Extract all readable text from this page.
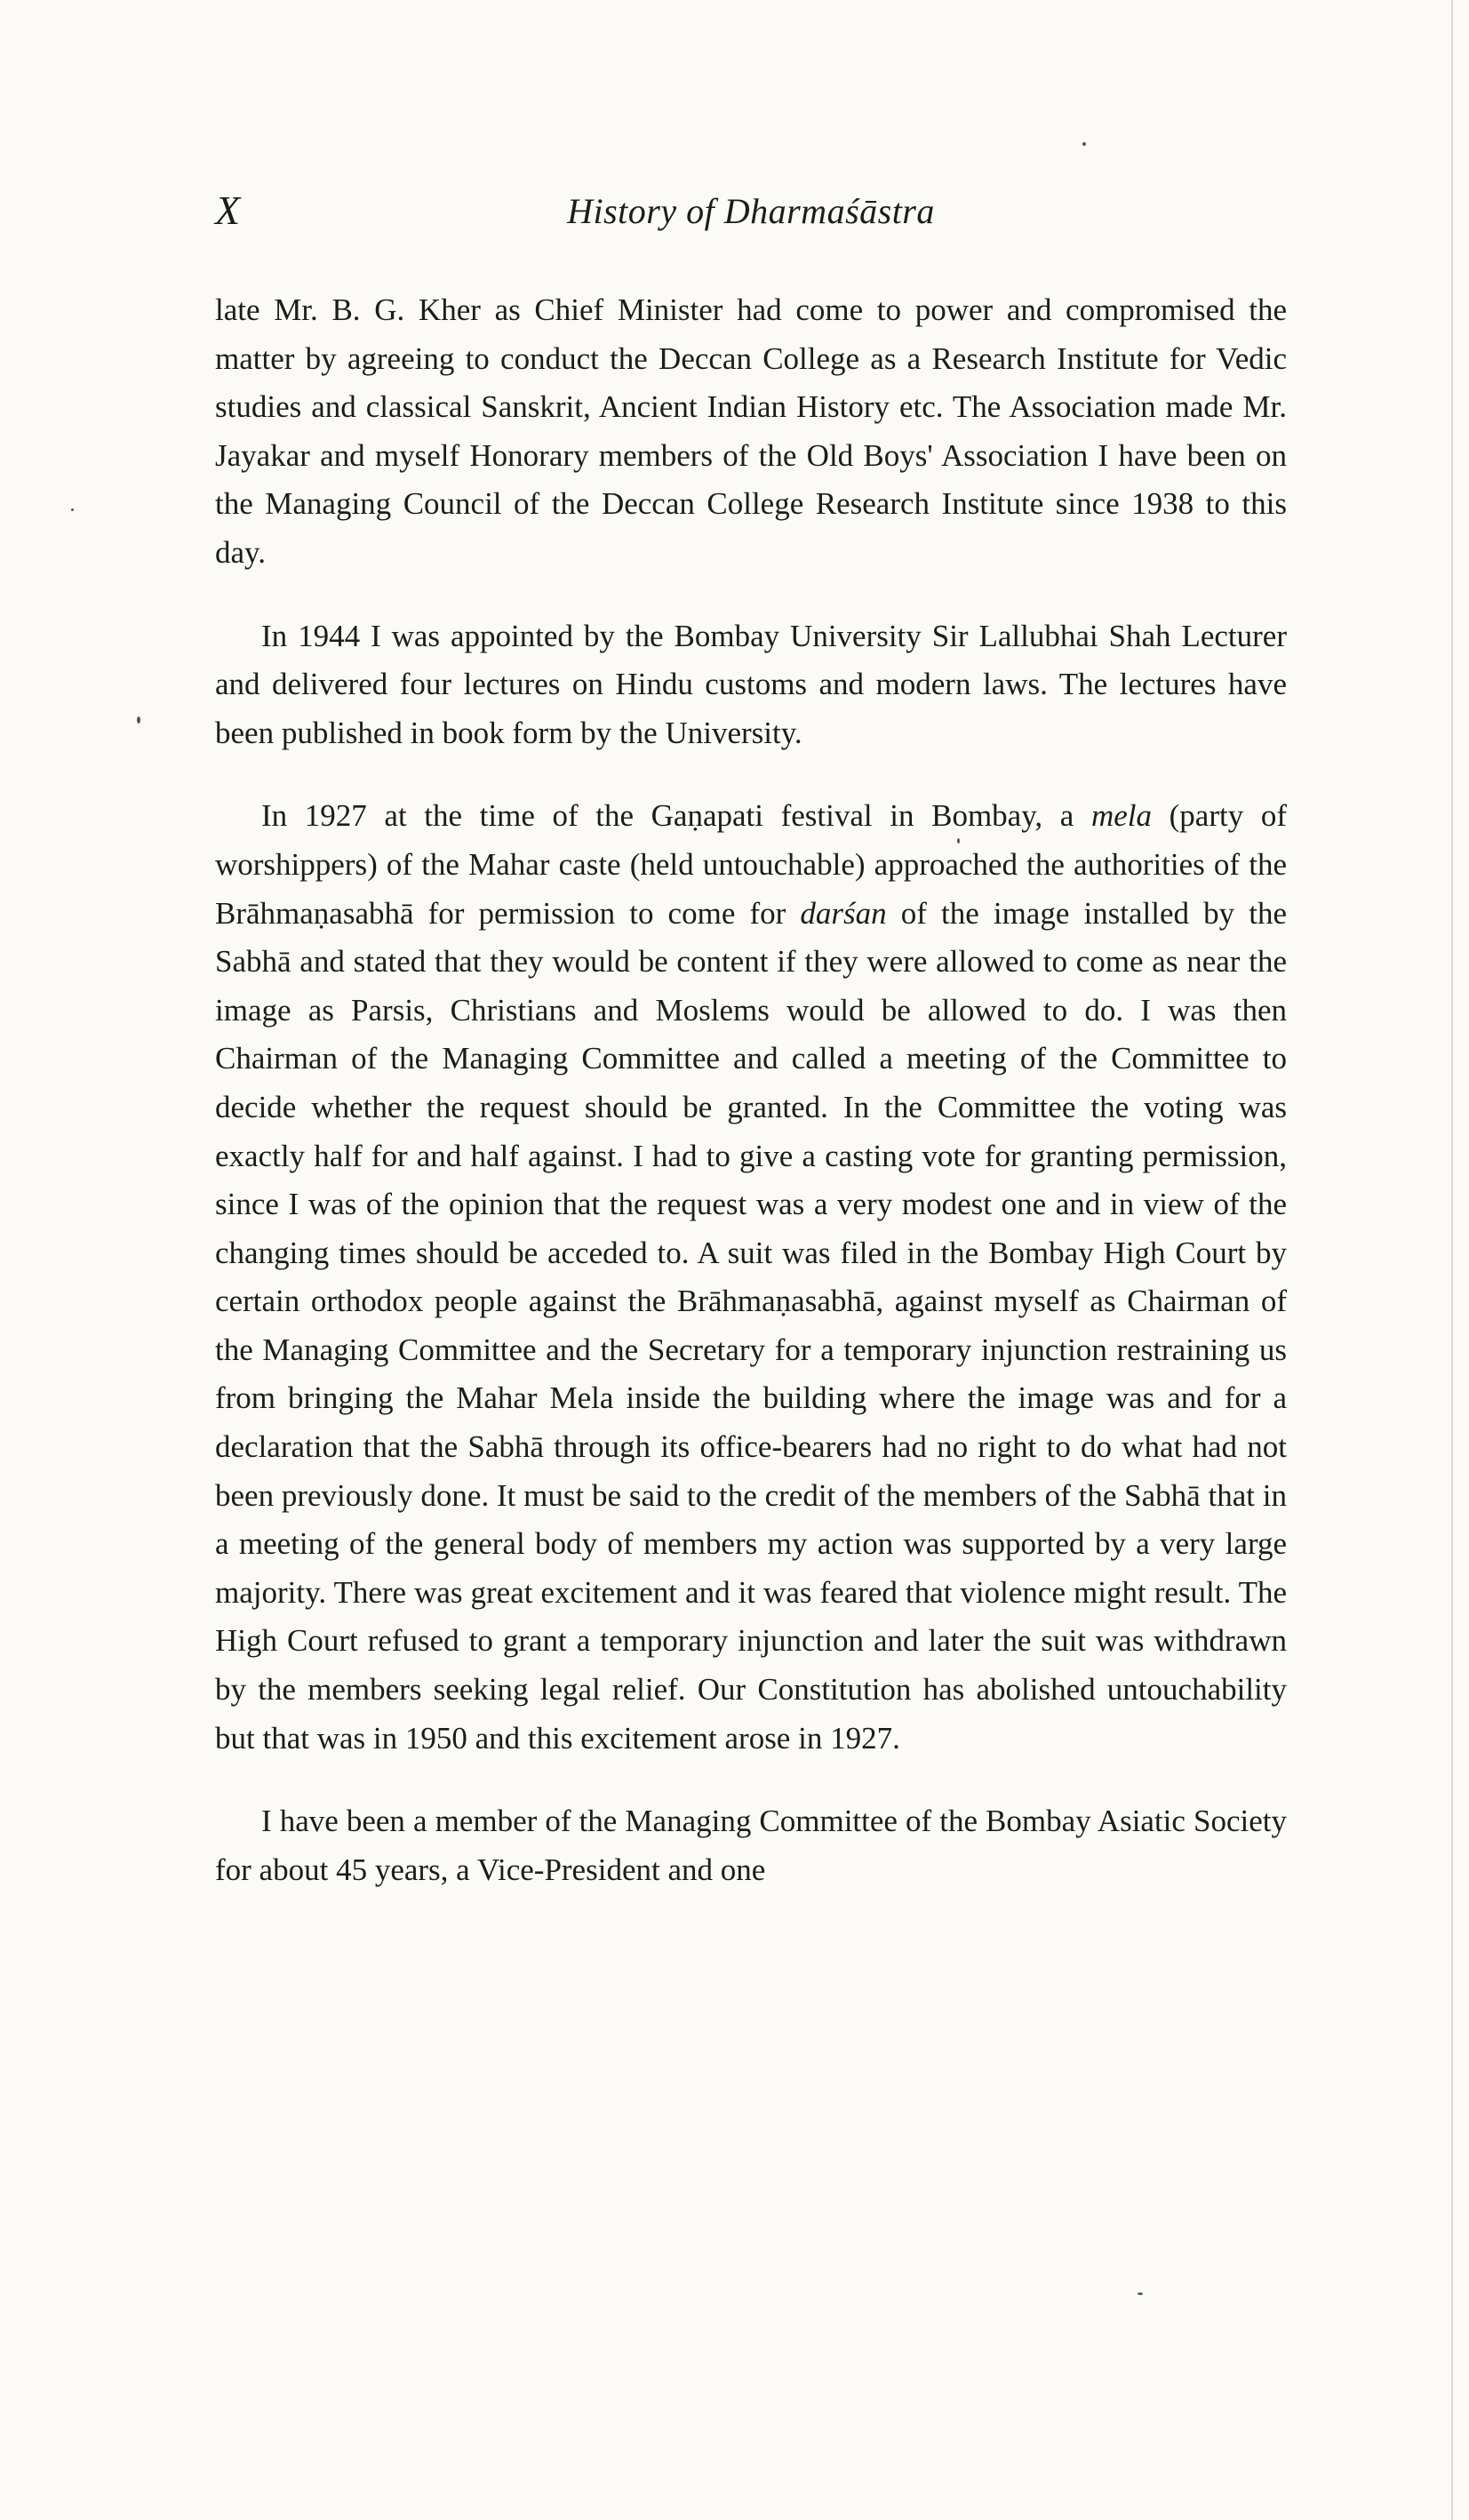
X	History of Dharmaśāstra

late Mr. B. G. Kher as Chief Minister had come to power and compromised the matter by agreeing to conduct the Deccan College as a Research Institute for Vedic studies and classical Sanskrit, Ancient Indian History etc. The Association made Mr. Jayakar and myself Honorary members of the Old Boys' Association I have been on the Managing Council of the Deccan College Research Institute since 1938 to this day.

In 1944 I was appointed by the Bombay University Sir Lallubhai Shah Lecturer and delivered four lectures on Hindu customs and modern laws. The lectures have been published in book form by the University.

In 1927 at the time of the Gaṇapati festival in Bombay, a mela (party of worshippers) of the Mahar caste (held untouchable) approached the authorities of the Brāhmaṇasabhā for permission to come for darśan of the image installed by the Sabhā and stated that they would be content if they were allowed to come as near the image as Parsis, Christians and Moslems would be allowed to do. I was then Chairman of the Managing Committee and called a meeting of the Committee to decide whether the request should be granted. In the Committee the voting was exactly half for and half against. I had to give a casting vote for granting permission, since I was of the opinion that the request was a very modest one and in view of the changing times should be acceded to. A suit was filed in the Bombay High Court by certain orthodox people against the Brāhmaṇasabhā, against myself as Chairman of the Managing Committee and the Secretary for a temporary injunction restraining us from bringing the Mahar Mela inside the building where the image was and for a declaration that the Sabhā through its office-bearers had no right to do what had not been previously done. It must be said to the credit of the members of the Sabhā that in a meeting of the general body of members my action was supported by a very large majority. There was great excitement and it was feared that violence might result. The High Court refused to grant a temporary injunction and later the suit was withdrawn by the members seeking legal relief. Our Constitution has abolished untouchability but that was in 1950 and this excitement arose in 1927.

I have been a member of the Managing Committee of the Bombay Asiatic Society for about 45 years, a Vice-President and one
